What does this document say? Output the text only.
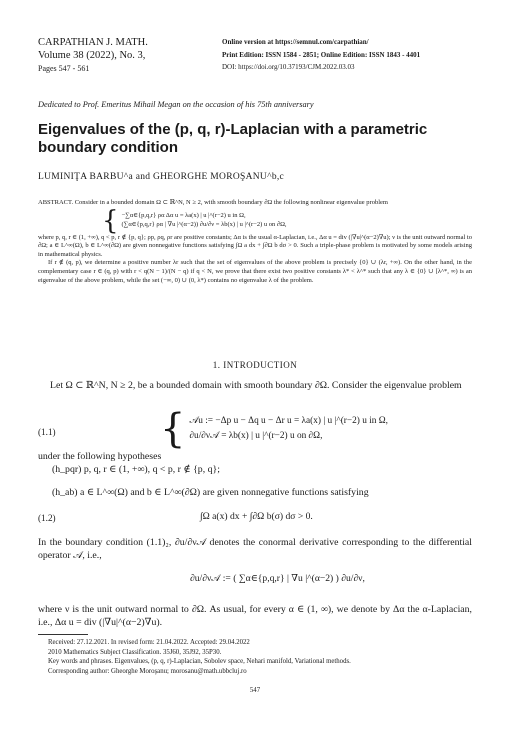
CARPATHIAN J. MATH.
Volume 38 (2022), No. 3,
Pages 547 - 561
Online version at https://semnul.com/carpathian/
Print Edition: ISSN 1584 - 2851; Online Edition: ISSN 1843 - 4401
DOI: https://doi.org/10.37193/CJM.2022.03.03
Dedicated to Prof. Emeritus Mihail Megan on the occasion of his 75th anniversary
Eigenvalues of the (p, q, r)-Laplacian with a parametric
boundary condition
LUMINIŢA BARBU^a and GHEORGHE MOROŞANU^b,c
ABSTRACT. Consider in a bounded domain Ω ⊂ ℝ^N, N ≥ 2, with smooth boundary ∂Ω the following nonlinear eigenvalue problem
{ −∑α∈{p,q,r} ρα Δα u = λa(x) | u |^(r−2) u in Ω,
(∑α∈{p,q,r} ρα | ∇u |^(α−2)) ∂u/∂ν = λb(x) | u |^(r−2) u on ∂Ω,
where p, q, r ∈ (1, +∞), q < p, r ∉ {p, q}; ρp, ρq, ρr are positive constants; Δα is the usual α-Laplacian, i.e., Δα u = div (|∇u|^(α−2)∇u); ν is the unit outward normal to ∂Ω; a ∈ L^∞(Ω), b ∈ L^∞(∂Ω) are given nonnegative functions satisfying ∫Ω a dx + ∫∂Ω b dσ > 0. Such a triple-phase problem is motivated by some models arising in mathematical physics.
If r ∉ (q, p), we determine a positive number λr such that the set of eigenvalues of the above problem is precisely {0} ∪ (λr, +∞). On the other hand, in the complementary case r ∈ (q, p) with r < q(N − 1)/(N − q) if q < N, we prove that there exist two positive constants λ* < λ^* such that any λ ∈ {0} ∪ [λ^*, ∞) is an eigenvalue of the above problem, while the set (−∞, 0) ∪ (0, λ*) contains no eigenvalue λ of the problem.
1. INTRODUCTION
Let Ω ⊂ ℝ^N, N ≥ 2, be a bounded domain with smooth boundary ∂Ω. Consider the eigenvalue problem
(1.1)	{ 𝒜u := −Δp u − Δq u − Δr u = λa(x) | u |^(r−2) u in Ω,
∂u/∂ν𝒜 = λb(x) | u |^(r−2) u on ∂Ω,
under the following hypotheses
(h_pqr) p, q, r ∈ (1, +∞), q < p, r ∉ {p, q};
(h_ab) a ∈ L^∞(Ω) and b ∈ L^∞(∂Ω) are given nonnegative functions satisfying
(1.2)	∫Ω a(x) dx + ∫∂Ω b(σ) dσ > 0.
In the boundary condition (1.1)₂, ∂u/∂ν𝒜 denotes the conormal derivative corresponding to the differential operator 𝒜, i.e.,
∂u/∂ν𝒜 := ( ∑α∈{p,q,r} | ∇u |^(α−2) ) ∂u/∂ν,
where ν is the unit outward normal to ∂Ω. As usual, for every α ∈ (1, ∞), we denote by Δα the α-Laplacian, i.e., Δα u = div (|∇u|^(α−2)∇u).
Received: 27.12.2021. In revised form: 21.04.2022. Accepted: 29.04.2022
2010 Mathematics Subject Classification. 35J60, 35J92, 35P30.
Key words and phrases. Eigenvalues, (p, q, r)-Laplacian, Sobolev space, Nehari manifold, Variational methods.
Corresponding author: Gheorghe Moroşanu; morosanu@math.ubbcluj.ro
547
